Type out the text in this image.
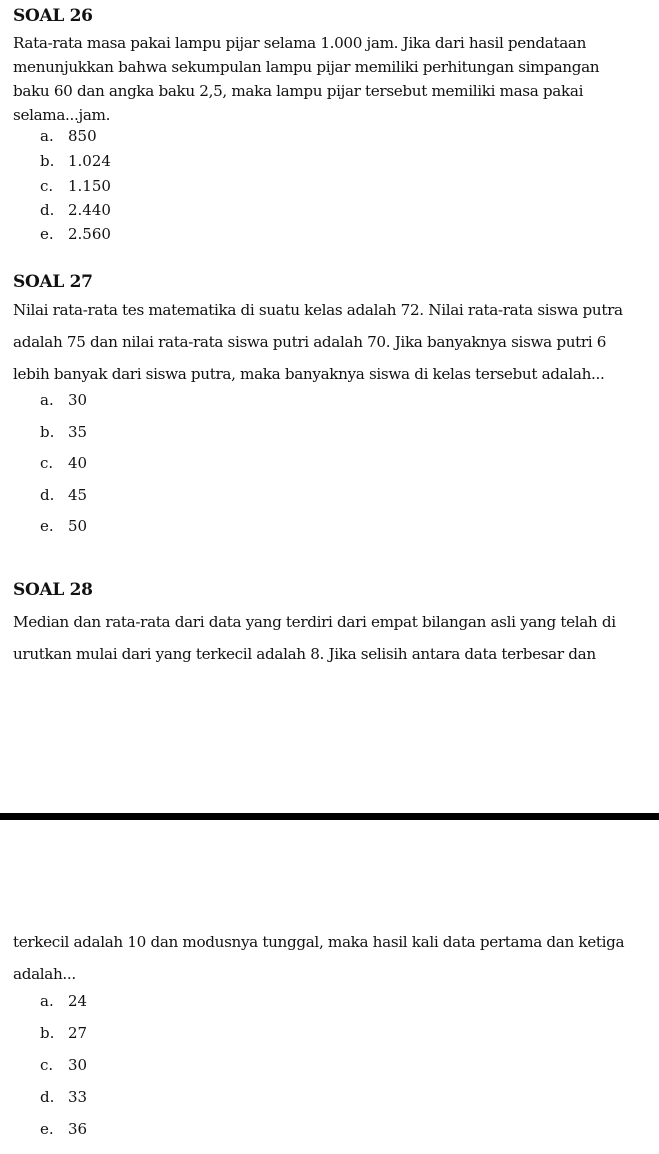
SOAL 26
Rata-rata masa pakai lampu pijar selama 1.000 jam. Jika dari hasil pendataan
menunjukkan bahwa sekumpulan lampu pijar memiliki perhitungan simpangan
baku 60 dan angka baku 2,5, maka lampu pijar tersebut memiliki masa pakai
selama...jam.
a. 850
b. 1.024
c. 1.150
d. 2.440
e. 2.560
SOAL 27
Nilai rata-rata tes matematika di suatu kelas adalah 72. Nilai rata-rata siswa putra
adalah 75 dan nilai rata-rata siswa putri adalah 70. Jika banyaknya siswa putri 6
lebih banyak dari siswa putra, maka banyaknya siswa di kelas tersebut adalah...
a. 30
b. 35
c. 40
d. 45
e. 50
SOAL 28
Median dan rata-rata dari data yang terdiri dari empat bilangan asli yang telah di
urutkan mulai dari yang terkecil adalah 8. Jika selisih antara data terbesar dan
terkecil adalah 10 dan modusnya tunggal, maka hasil kali data pertama dan ketiga
adalah...
a. 24
b. 27
c. 30
d. 33
e. 36
